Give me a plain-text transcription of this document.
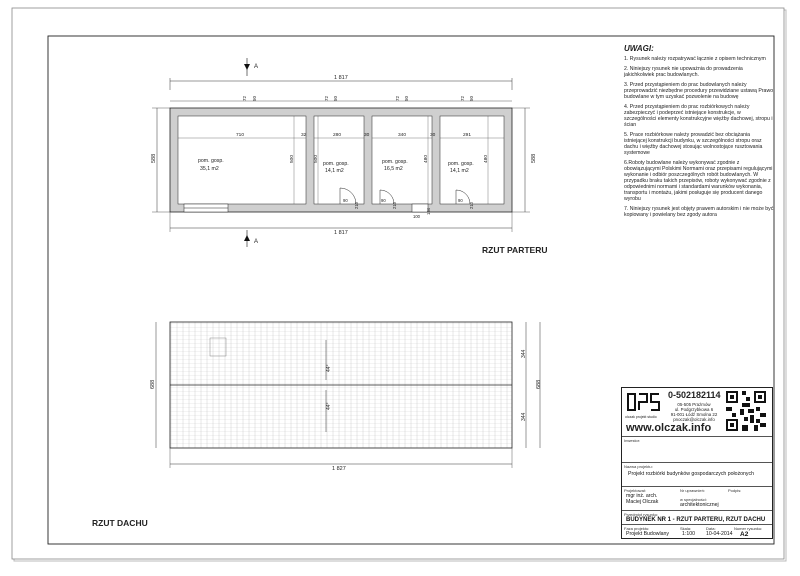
A
A
1 817
72 50	72 50	72 50	72 50
710	32	280	30	340	30	291
500	500	480	480
pom. gosp.
35,1 m2
pom. gosp.
14,1 m2
pom. gosp.
16,5 m2
pom. gosp.
14,1 m2
90
210
90
210
100
134
90
210
588	588
1 817
RZUT PARTERU
44°
44°
688
344
344
688
1 827
RZUT DACHU
UWAGI:
1. Rysunek należy rozpatrywać łącznie z opisem technicznym
2. Niniejszy rysunek nie upoważnia do prowadzenia jakichkolwiek prac budowlanych.
3. Przed przystąpieniem do prac budowlanych należy przeprowadzić niezbędne procedury przewidziane ustawą Prawo budowlane w tym uzyskać pozwolenie na budowę
4. Przed przystąpieniem do prac rozbiórkowych należy zabezpieczyć i podeprzeć istniejące konstrukcje, w szczególności elementy konstrukcyjne więźby dachowej, stropu i ścian
5. Prace rozbiórkowe należy prowadzić bez obciążania istniejącej konstrukcji budynku, w szczególności stropu oraz dachu i więźby dachowej stosując wolnostojące rusztowania systemowe
6.Roboty budowlane należy wykonywać zgodnie z obowiązującymi Polskimi Normami oraz przepisami regulującymi wykonanie i odbiór poszczególnych robót budowlanych. W przypadku braku takich przepisów, roboty wykonywać zgodnie z odpowiednimi normami i standardami warunków wykonania, transportu i montażu, jakimi posługuje się producent danego wyrobu
7. Niniejszy rysunek jest objęty prawem autorskim i nie może być kopiowany i powielany bez zgody autora
olczak projekt studio
0-502182114
05-505 Prażmów
ul. Podgrzybkowa 6
91-001 Łódź Smolna 22
pnoczak@olczak.info
www.olczak.info
Inwestor:
Nazwa projektu:
Projekt rozbiórki budynków gospodarczych położonych
Projektował:
mgr inż. arch.
Maciej Olczak
Nr uprawnień:
w specjalności:
architektonicznej
Podpis:
Przedmiot rysunku:
BUDYNEK NR 1 - RZUT PARTERU, RZUT DACHU
Faza projektu:
Projekt Budowlany
Skala:
1:100
Data:
10-04-2014
Numer rysunku:
A2
